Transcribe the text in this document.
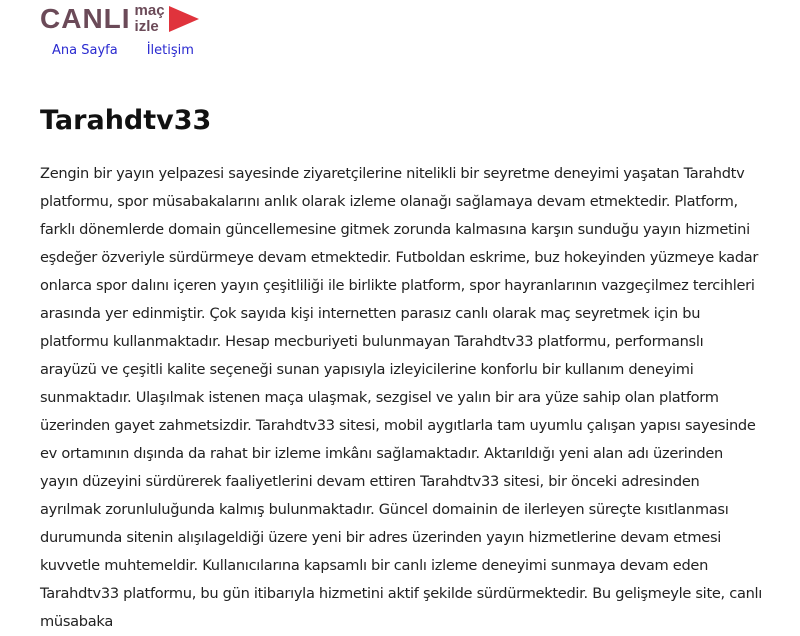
CANLI maç
izle
Ana Sayfa İletişim
Tarahdtv33

Zengin bir yayın yelpazesi sayesinde ziyaretçilerine nitelikli bir seyretme deneyimi yaşatan Tarahdtv platformu, spor müsabakalarını anlık olarak izleme olanağı sağlamaya devam etmektedir. Platform, farklı dönemlerde domain güncellemesine gitmek zorunda kalmasına karşın sunduğu yayın hizmetini eşdeğer özveriyle sürdürmeye devam etmektedir. Futboldan eskrime, buz hokeyinden yüzmeye kadar onlarca spor dalını içeren yayın çeşitliliği ile birlikte platform, spor hayranlarının vazgeçilmez tercihleri arasında yer edinmiştir. Çok sayıda kişi internetten parasız canlı olarak maç seyretmek için bu platformu kullanmaktadır. Hesap mecburiyeti bulunmayan Tarahdtv33 platformu, performanslı arayüzü ve çeşitli kalite seçeneği sunan yapısıyla izleyicilerine konforlu bir kullanım deneyimi sunmaktadır. Ulaşılmak istenen maça ulaşmak, sezgisel ve yalın bir ara yüze sahip olan platform üzerinden gayet zahmetsizdir. Tarahdtv33 sitesi, mobil aygıtlarla tam uyumlu çalışan yapısı sayesinde ev ortamının dışında da rahat bir izleme imkânı sağlamaktadır. Aktarıldığı yeni alan adı üzerinden yayın düzeyini sürdürerek faaliyetlerini devam ettiren Tarahdtv33 sitesi, bir önceki adresinden ayrılmak zorunluluğunda kalmış bulunmaktadır. Güncel domainin de ilerleyen süreçte kısıtlanması durumunda sitenin alışılageldiği üzere yeni bir adres üzerinden yayın hizmetlerine devam etmesi kuvvetle muhtemeldir. Kullanıcılarına kapsamlı bir canlı izleme deneyimi sunmaya devam eden Tarahdtv33 platformu, bu gün itibarıyla hizmetini aktif şekilde sürdürmektedir. Bu gelişmeyle site, canlı müsabaka
